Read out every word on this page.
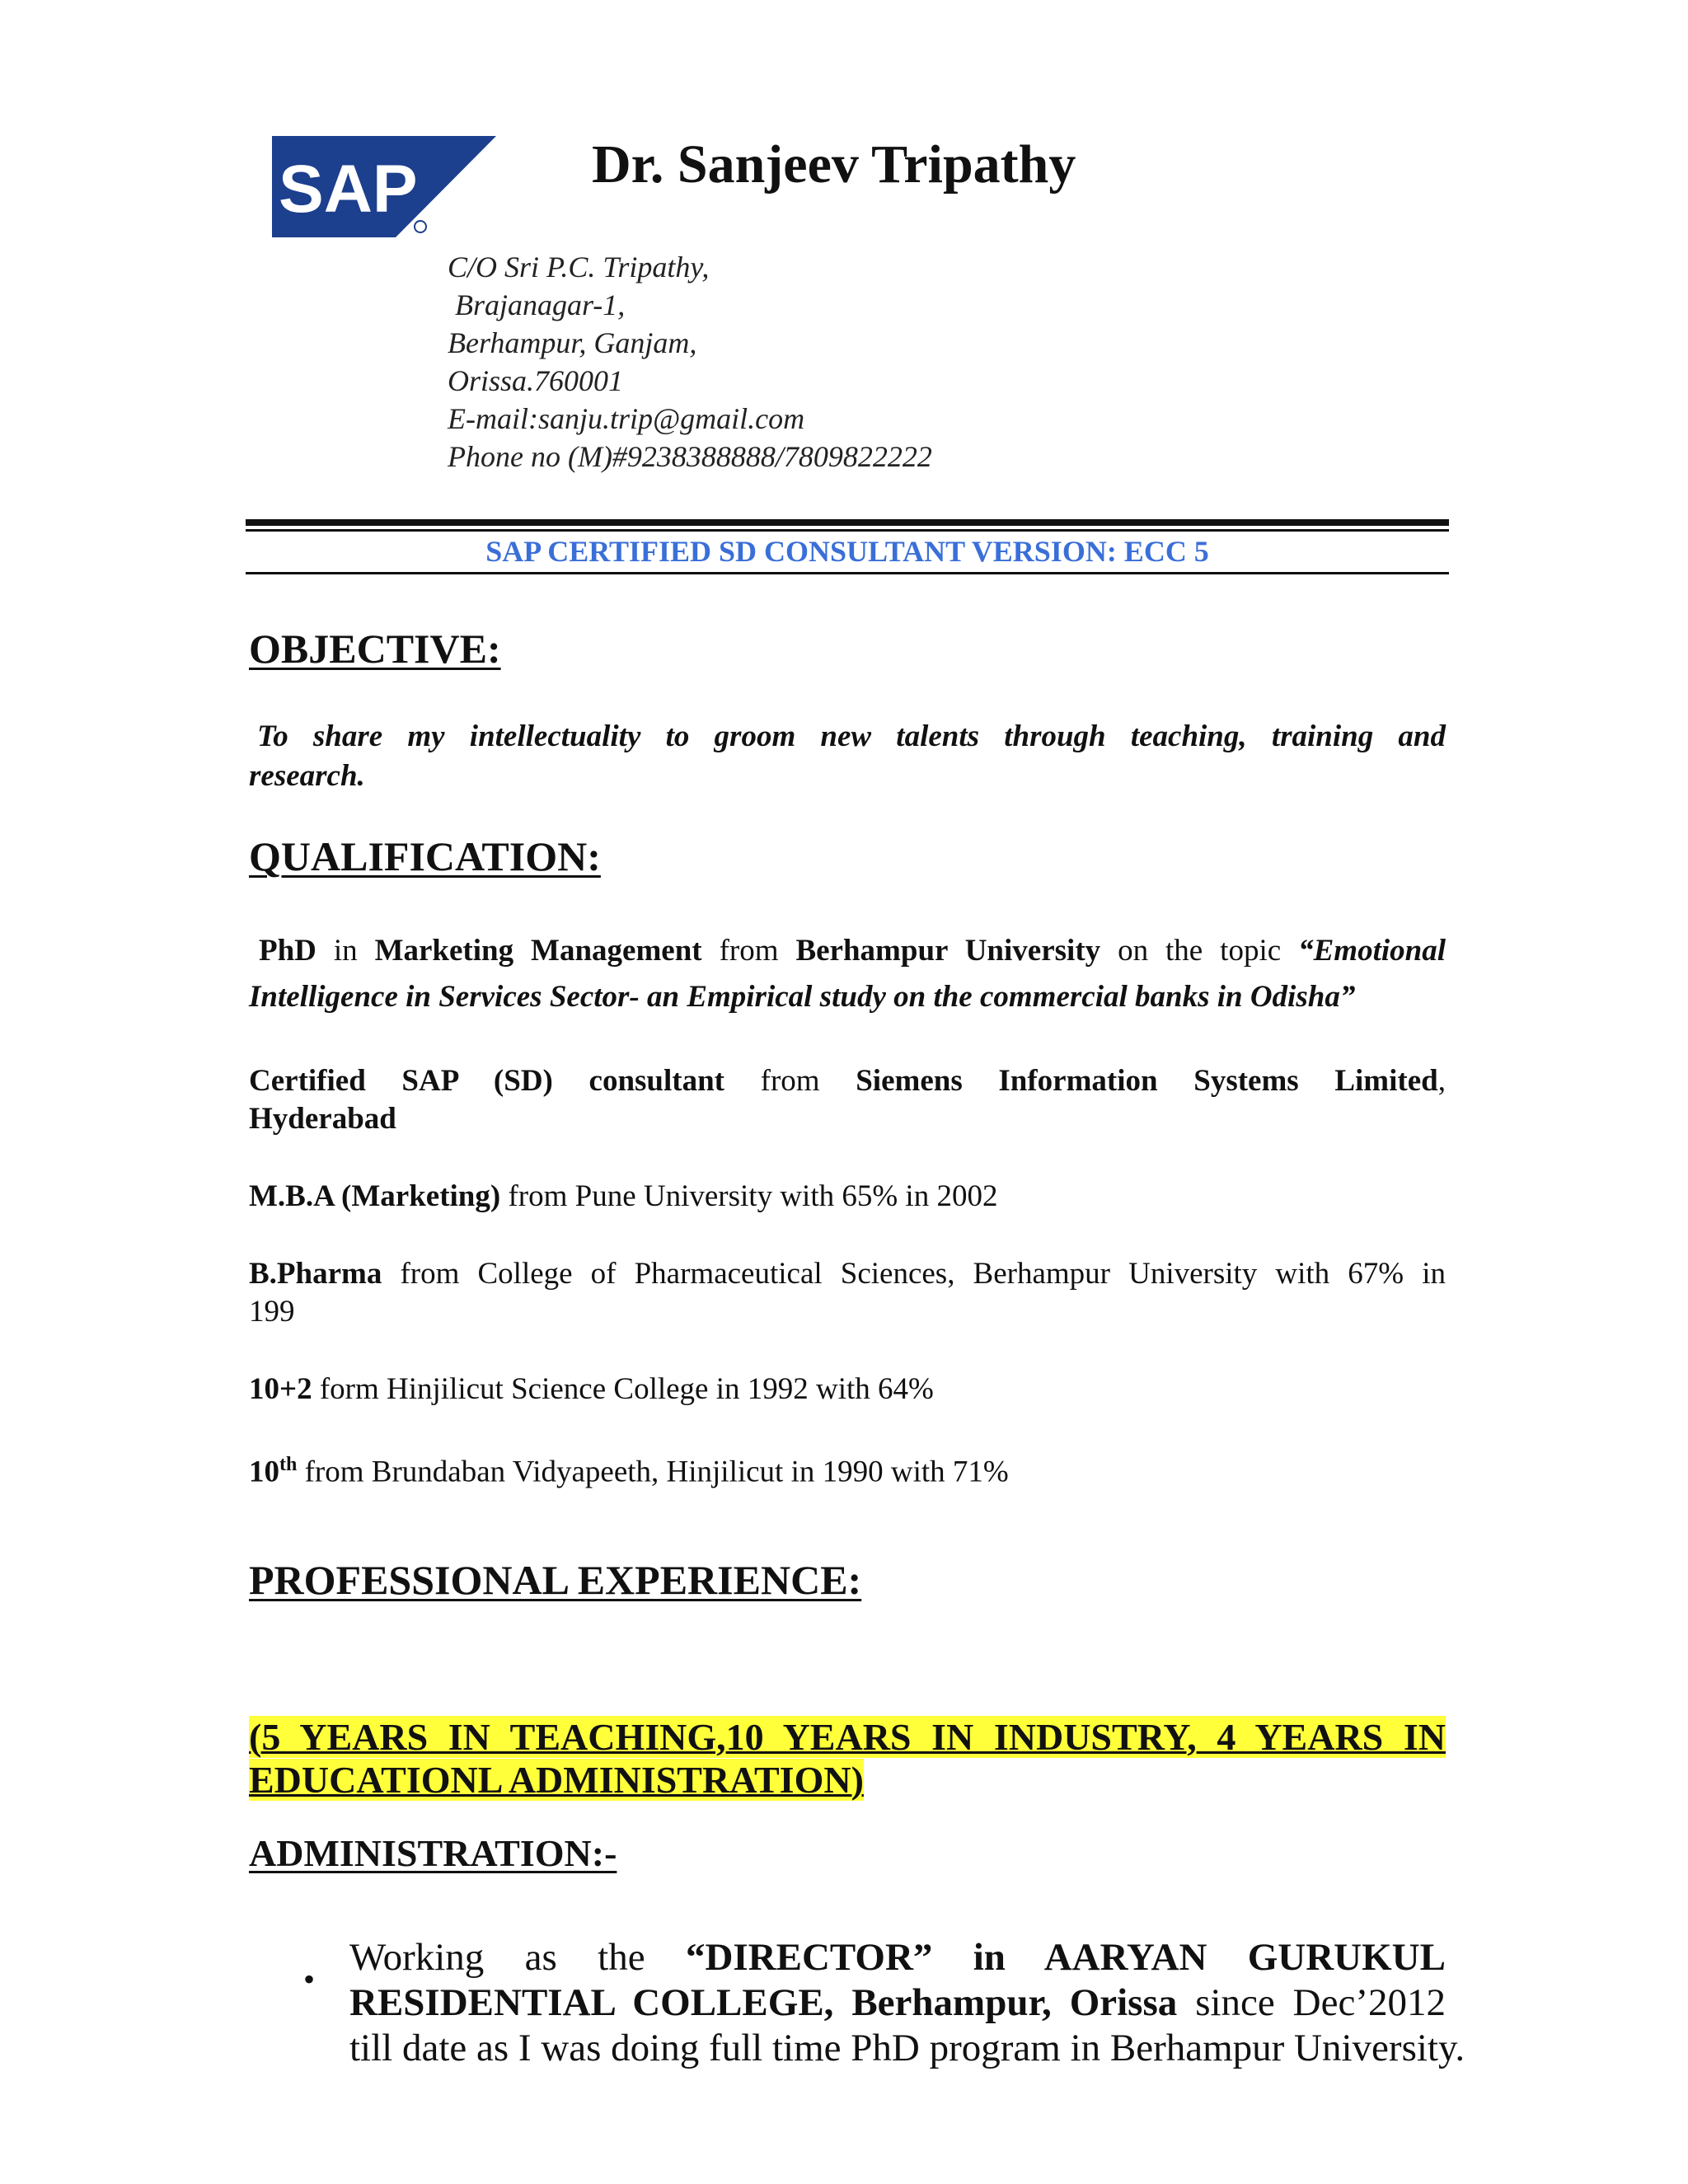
SAP	Dr. Sanjeev Tripathy
C/O Sri P.C. Tripathy,
Brajanagar-1,
Berhampur, Ganjam,
Orissa.760001
E-mail:sanju.trip@gmail.com
Phone no (M)#9238388888/7809822222
SAP CERTIFIED SD CONSULTANT VERSION: ECC 5
OBJECTIVE:
To share my intellectuality to groom new talents through teaching, training and
research.
QUALIFICATION:
PhD in Marketing Management from Berhampur University on the topic “Emotional
Intelligence in Services Sector- an Empirical study on the commercial banks in Odisha”
Certified SAP (SD) consultant from Siemens Information Systems Limited,
Hyderabad
M.B.A (Marketing) from Pune University with 65% in 2002
B.Pharma from College of Pharmaceutical Sciences, Berhampur University with 67% in
199
10+2 form Hinjilicut Science College in 1992 with 64%
10th from Brundaban Vidyapeeth, Hinjilicut in 1990 with 71%
PROFESSIONAL EXPERIENCE:
(5 YEARS IN TEACHING,10 YEARS IN INDUSTRY, 4 YEARS IN
EDUCATIONL ADMINISTRATION)
ADMINISTRATION:-
•
Working as the “DIRECTOR” in AARYAN GURUKUL
RESIDENTIAL COLLEGE, Berhampur, Orissa since Dec’2012
till date as I was doing full time PhD program in Berhampur University.
